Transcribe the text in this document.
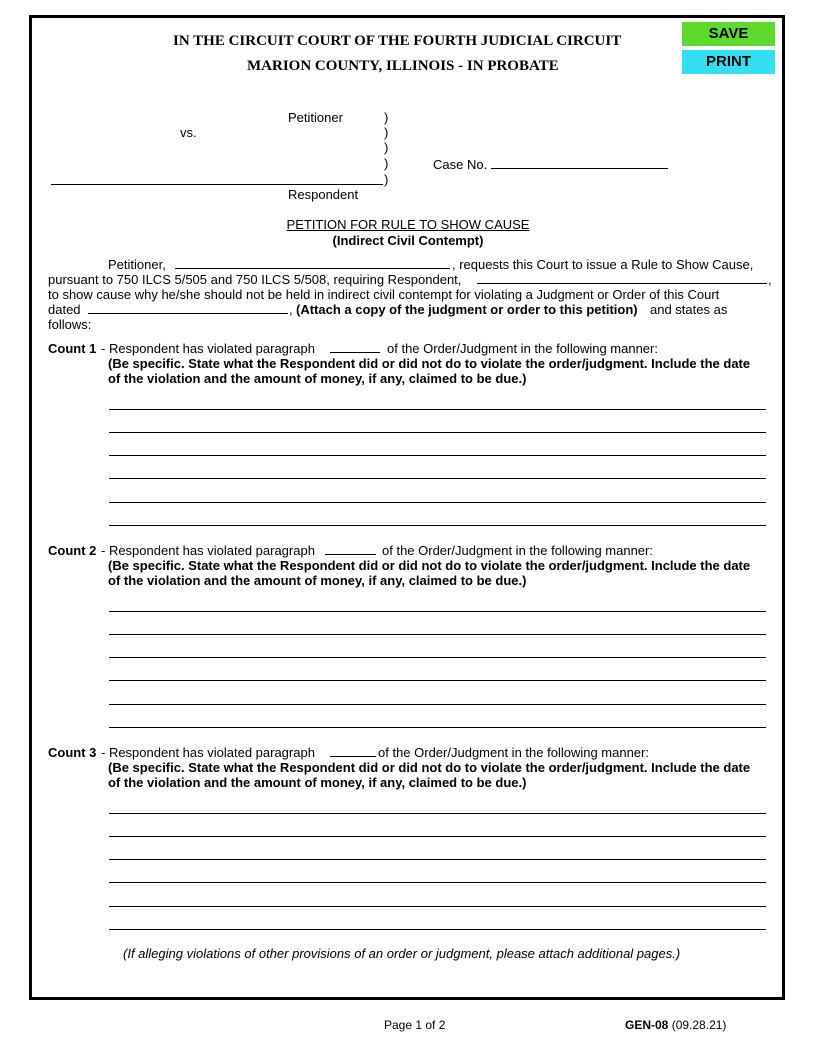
SAVE
PRINT
IN THE CIRCUIT COURT OF THE FOURTH JUDICIAL CIRCUIT
MARION COUNTY, ILLINOIS - IN PROBATE
Petitioner
vs.
)
)
)
)
)
Case No.
Respondent
PETITION FOR RULE TO SHOW CAUSE
(Indirect Civil Contempt)
Petitioner,	, requests this Court to issue a Rule to Show Cause,
pursuant to 750 ILCS 5/505 and 750 ILCS 5/508, requiring Respondent,	,
to show cause why he/she should not be held in indirect civil contempt for violating a Judgment or Order of this Court
dated	, (Attach a copy of the judgment or order to this petition) and states as
follows:
Count 1 - Respondent has violated paragraph	of the Order/Judgment in the following manner:
(Be specific. State what the Respondent did or did not do to violate the order/judgment. Include the date
of the violation and the amount of money, if any, claimed to be due.)
Count 2 - Respondent has violated paragraph	of the Order/Judgment in the following manner:
(Be specific. State what the Respondent did or did not do to violate the order/judgment. Include the date
of the violation and the amount of money, if any, claimed to be due.)
Count 3 - Respondent has violated paragraph	of the Order/Judgment in the following manner:
(Be specific. State what the Respondent did or did not do to violate the order/judgment. Include the date
of the violation and the amount of money, if any, claimed to be due.)
(If alleging violations of other provisions of an order or judgment, please attach additional pages.)
Page 1 of 2	GEN-08 (09.28.21)
